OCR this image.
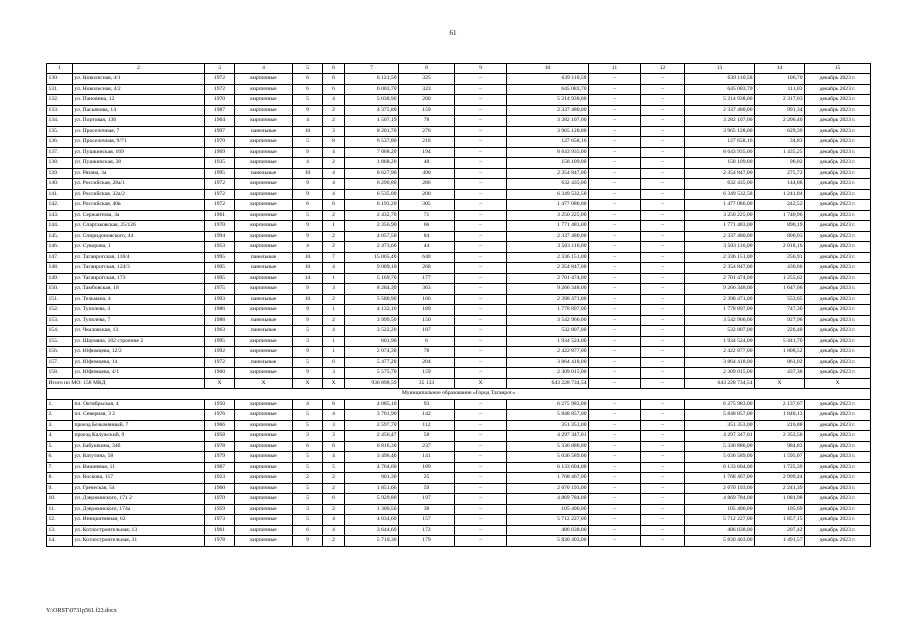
61
1	2	3	4	5	6	7	8	9	10	11	12	13	14	15
130.	ул. Новолесная, 4/1	1972	кирпичные	6	6	6 121,50	325	–	639 110,58	–	–	639 110,58	106,70	декабрь 2023 г.
131.	ул. Новолесная, 4/2	1972	кирпичные	6	6	6 003,70	323	–	645 083,70	–	–	645 083,70	111,03	декабрь 2023 г.
132.	ул. Пановина, 12	1970	кирпичные	5	4	5 038,90	200	–	5 214 938,00	–	–	5 214 938,00	2 317,03	декабрь 2023 г.
133.	ул. Пасьянова, 14	1987	кирпичные	9	2	4 375,80	159	–	2 337 480,00	–	–	2 337 480,00	991,34	декабрь 2023 г.
134.	ул. Портовая, 136	1964	кирпичные	4	2	1 507,19	78	–	3 282 107,00	–	–	3 282 107,00	2 206,40	декабрь 2023 г.
135.	ул. Проселочная, 7	1997	панельные	10	3	8 201,70	276	–	3 965 128,00	–	–	3 965 128,00	629,39	декабрь 2023 г.
136.	ул. Проселочная, 9/71	1970	кирпичные	5	8	6 537,80	218	–	127 658,16	–	–	127 658,16	34,83	декабрь 2023 г.
137.	ул. Пушкинская, 169	1969	кирпичные	9	4	7 068,20	194	–	8 643 935,00	–	–	8 643 935,00	1 435,25	декабрь 2023 г.
138.	ул. Пушкинская, 38	1935	кирпичные	4	2	1 868,20	48	–	158 109,00	–	–	158 109,00	96,02	декабрь 2023 г.
139.	ул. Рязана, 3а	1995	панельные	10	4	8 627,90	490	–	2 354 847,00	–	–	2 354 847,00	275,72	декабрь 2023 г.
140.	ул. Российская, 28а/1	1972	кирпичные	9	4	6 290,80	286	–	632 435,00	–	–	632 435,00	144,08	декабрь 2023 г.
141.	ул. Российская, 32а/2	1972	кирпичные	9	4	6 535,00	200	–	6 349 532,58	–	–	6 349 532,58	1 241,84	декабрь 2023 г.
142.	ул. Российская, 40в	1972	кирпичные	6	6	6 193,20	305	–	1 477 086,00	–	–	1 477 086,00	242,52	декабрь 2023 г.
143.	ул. Сержантова, 3а	1961	кирпичные	5	2	2 432,70	71	–	3 250 225,00	–	–	3 250 225,00	1 746,96	декабрь 2023 г.
144.	ул. Спартаковская, 25/126	1970	кирпичные	9	1	2 356,90	66	–	1 771 483,00	–	–	1 771 483,00	890,19	декабрь 2023 г.
145.	ул. Спиридоновского, 44	1994	кирпичные	9	2	4 057,50	84	–	2 337 480,00	–	–	2 337 480,00	806,03	декабрь 2023 г.
146.	ул. Суворова, 1	1953	кирпичные	4	2	2 473,60	44	–	3 503 116,00	–	–	3 503 116,00	2 018,16	декабрь 2023 г.
147.	ул. Таганрогская, 118/4	1995	панельные	10	7	15 065,40	640	–	2 336 151,00	–	–	2 336 151,00	256,91	декабрь 2023 г.
148.	ул. Таганрогская, 124/3	1995	панельные	10	4	9 009,10	268	–	2 354 847,00	–	–	2 354 847,00	436,66	декабрь 2023 г.
149.	ул. Таганрогская, 173	1995	кирпичные	14	1	5 169,70	177	–	2 701 474,00	–	–	2 701 474,00	1 255,62	декабрь 2023 г.
150.	ул. Тамбовская, 18	1975	кирпичные	9	3	8 284,30	363	–	9 266 348,00	–	–	9 266 348,00	1 647,06	декабрь 2023 г.
151.	ул. Тельмана, 4	1993	панельные	10	2	5 580,90	166	–	2 398 471,00	–	–	2 398 471,00	553,65	декабрь 2023 г.
152.	ул. Туполева, 4	1986	кирпичные	9	1	4 132,10	189	–	1 778 897,00	–	–	1 778 897,00	747,30	декабрь 2023 г.
153.	ул. Туполева, 7	1988	панельные	9	2	3 999,50	150	–	3 542 966,00	–	–	3 542 966,00	927,96	декабрь 2023 г.
154.	ул. Чкаловская, 13	1963	панельные	5	4	3 522,20	187	–	532 807,00	–	–	532 807,00	226,40	декабрь 2023 г.
155.	ул. Шаумяна, 102 строение 2	1995	кирпичные	3	1	601,90	6	–	1 934 524,00	–	–	1 934 524,00	5 441,70	декабрь 2023 г.
156.	ул. Юфимцева, 12/2	1992	кирпичные	9	1	2 074,30	78	–	2 422 877,00	–	–	2 422 877,00	1 808,52	декабрь 2023 г.
157.	ул. Юфимцева, 14	1972	панельные	5	6	5 477,20	204	–	3 864 418,00	–	–	3 864 418,00	861,02	декабрь 2023 г.
158.	ул. Юфимцева, 4/1	1960	кирпичные	9	3	5 575,70	159	–	2 309 015,00	–	–	2 309 015,00	437,38	декабрь 2023 г.
Итого по МО: 158 МКД		Х	Х	Х	Х	936 898,59	35 133	Х	643 228 734,54	–	–	643 228 734,54	Х	Х
Муниципальное образование «Город Таганрог»														
1.	пл. Октябрьская, 4	1950	кирпичные	4	8	4 085,10	93	–	6 275 983,00	–	–	6 275 983,00	2 137,67	декабрь 2023 г.
2.	пл. Северная, 3 2	1976	кирпичные	5	4	3 701,90	142	–	5 848 857,00	–	–	5 848 857,00	1 840,13	декабрь 2023 г.
3.	проезд Безымянный, 7	1966	кирпичные	5	3	2 597,70	112	–	351 353,00	–	–	351 353,00	216,88	декабрь 2023 г.
4.	проезд Калужский, 9	1958	кирпичные	3	3	2 456,47	58	–	4 297 347,01	–	–	4 297 347,01	2 353,56	декабрь 2023 г.
5.	ул. Бабушкина, 34б	1978	кирпичные	6	6	6 816,30	237	–	5 336 886,00	–	–	5 336 886,00	984,83	декабрь 2023 г.
6.	ул. Ватутина, 58	1979	кирпичные	5	4	3 496,40	141	–	5 036 589,00	–	–	5 036 589,00	1 595,07	декабрь 2023 г.
7.	ул. Вишневая, 11	1987	кирпичные	5	5	4 764,60	189	–	6 133 604,00	–	–	6 133 604,00	1 725,39	декабрь 2023 г.
8.	ул. Воскова, 117	1923	кирпичные	2	2	901,30	25	–	1 768 467,00	–	–	1 768 467,00	2 999,44	декабрь 2023 г.
9.	ул. Греческая, 54	1960	кирпичные	5	2	1 851,66	59	–	2 670 193,00	–	–	2 670 193,00	2 241,39	декабрь 2023 г.
10.	ул. Дзержинского, 171 2	1970	кирпичные	5	6	5 929,80	197	–	4 869 784,00	–	–	4 869 784,00	1 081,98	декабрь 2023 г.
11.	ул. Дзержинского, 174а	1959	кирпичные	3	2	1 306,50	38	–	105 406,00	–	–	105 406,00	105,69	декабрь 2023 г.
12.	ул. Инициативная, 62	1973	кирпичные	5	4	4 034,60	157	–	5 712 227,00	–	–	5 712 227,00	1 857,15	декабрь 2023 г.
13.	ул. Котлостроительная, 13	1961	кирпичные	6	4	3 644,60	172	–	486 038,00	–	–	486 038,00	207,42	декабрь 2023 г.
14.	ул. Котлостроительная, 31	1978	кирпичные	9	2	5 710,30	179	–	5 830 403,00	–	–	5 830 403,00	1 491,57	декабрь 2023 г.
Y:\ORST\0731p561.f23.docx
